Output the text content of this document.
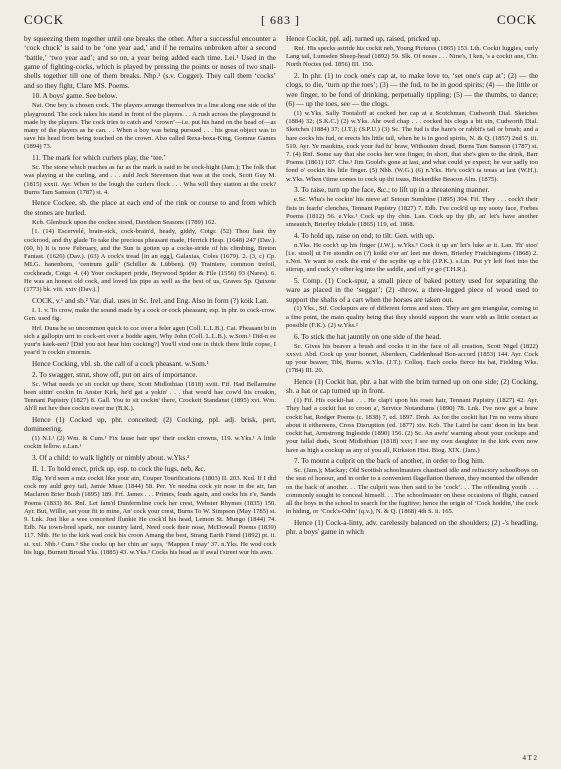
COCK	[ 683 ]	COCK

by squeezing them together until one breaks the other. After a successful encounter a ‘cock chuck’ is said to be ‘one year aad,’ and if he remains unbroken after a second ‘battle,’ ‘two year aad’; and so on, a year being added each time. Lei.¹ Used in the game of fighting-cocks, which is played by pressing the points or noses of two snail-shells together till one of them breaks. Nhp.¹ (s.v. Cogger). They call them ‘cocks’ and so they fight, Clare MS. Poems.

10. A boys' game. See below.

Nai. One boy is chosen cock. The players arrange themselves in a line along one side of the playground. The cock takes his stand in front of the players. . . A rush across the playground is made by the players. The cock tries to catch and ‘crown’—i.e. put his hand on the head of—as many of the players as he can. . . When a boy was being pursued . . . his great object was to save his head from being touched on the crown. Also called Rexa-boxa-King, Gomme Games (1894) 73.

11. The mark for which curlers play, the ‘tee.’

Sc. The stone which reaches as far as the mark is said to be cock-hight (Jam.); The folk that was playing at the curling, and . . . auld Jock Stevenson that was at the cock, Scott Guy M. (1815) xxxii. Ayr. When to the lough the curlers flock . . . Wha will they station at the cock? Burns Tam Samson (1787) st. 4.

Hence Cockee, sb. the place at each end of the rink or course to and from which the stones are hurled.

Kcb. Glenbuck upon the cockee stood, Davidson Seasons (1789) 162.

[1. (14) Escervelé, brain-sick, cock-brain'd, heady, giddy, Cotgr. (52) Thou hast thy cockrood, and thy glade To take the precious pheasant made, Herrick Hesp. (1648) 247 (Dav.). (60, b) It is now February, and the Sun is gotten up a cocke-stride of his climbing, Breton Fantast. (1626) (Dav.). (63) A cock's tread [in an egg], Galaxias, Coles (1679). 2. (3, c) Cp. MLG. hanenbom, ‘centrum galli’ (Schiller & Lübben). (9) Trainiere, common trefoil, cockheads, Cotgr. 4. (4) Your cockapert pride, Heywood Spider & File (1556) 93 (Nares). 6. He was an honest old cock, and loved his pipe as well as the best of us, Graves Sp. Quixote (1773) bk. viii. xxiv (Dav.).]

COCK, v.¹ and sb.² Var. dial. uses in Sc. Irel. and Eng. Also in form (?) koik Lan.

I. 1. v. To crow, make the sound made by a cock or cock pheasant; esp. in phr. to cock-crow. Gen. used fig.

Hrf. Duna be so uncommon quick to coc over a feler agen (Coll. L.L.B.). Cai. Pheasant bi in sich a gallopin urrt to cock-ert over a bodde agen, Why John (Coll. L.L.B.). w.Som.¹ Did-n ee yuur'n kaek-een? [Did you not hear him cocking?] You'll vind one in thick there little copse, I year'd 'n cockin s'mornin.

Hence Cocking, vbl. sb. the call of a cock pheasant. w.Som.¹

2. To swagger, strut, show off, put on airs of importance.

Sc. What needs ye sit cockit up there, Scott Midlothian (1818) xviii. Fif. Had Bellarmine been sittin' cockin In Anster Kirk, he'd gat a yokin' . . . that wou'd hae cow'd his croakin, Tennant Papistry (1827) 8. Gall. You to sit cockin' there, Crockett Standanst (1895) xvi. Wm. Ah'll net hev thee cockin ower me (B.K.).

Hence (1) Cocked up, phr. conceited; (2) Cocking, ppl. adj. brisk, pert, domineering.

(1) N.I.¹ (2) Wm. & Cum.¹ Fix fause hair upo' their cockin crowns, 119. w.Yks.¹ A little cockin fellow. e.Lan.¹

3. Of a child: to walk lightly or nimbly about. w.Yks.²

II. 1. To hold erect, prick up, esp. to cock the lugs, neb, &c.

Elg. Ye'd seen a miz cockit like your ain, Couper Tourifications (1803) II. 203. Kcd. If I did cock my auld grey tail, Jamie Muse (1844) 58. Per. Ye needna cock yir nose in the air, Ian Maclaren Brier Bush (1895) 189. Frf. James . . . Primes, loads again, and cocks his e'e, Sands Poems (1833) 86. Rnf. Let fam'd Dunfermline cock her crest, Webster Rhymes (1835) 150. Ayr. But, Willie, set your fit to mine, An' cock your crest, Burns To W. Simpson (May 1785) st. 9. Lnk. Just like a wee conceited flunkie He cock'd his head, Lemon St. Mungo (1844) 74. Edb. Na town-bred spark, nor country laird, Need cock their nose, McDowall Poems (1839) 117. Nhb. He to the kirk wad cock his croon Amang the best, Strang Earth Fiend (1892) pt. ii. st. xxi. Nhb.¹ Cum.³ She cocks up her chin an' says, ‘Mappen I may’ 37. n.Yks. He wod cock his lugs, Burnett Broad Yks. (1885) 43. w.Yks.³ Cocks his head as if awal t'street wur his awn.

Hence Cockit, ppl. adj. turned up, raised, pricked up.

Rnf. His specks astride his cockit neb, Young Pictures (1865) 153. Lth. Cockit luggies, curly Lang tail, Lumsden Sheep-head (1892) 59. Slk. Of noses . . . Nine's, I ken, 's a cockit ane, Chr. North Noctes (ed. 1856) III. 150.

2. In phr. (1) to cock one's cap at, to make love to, ‘set one's cap at’; (2) — the clogs, to die, ‘turn up the toes’; (3) — the fud, to be in good spirits; (4) — the little or wee finger, to be fond of drinking, perpetually tippling; (5) — the thumbs, to dance; (6) — up the toes, see — the clogs.

(1) w.Yks. Sally Tootaloff at cocked her cap at a Scotchman, Cudworth Dial. Sketches (1884) 32; (S.K.C.) (2) w.Yks. Ahr owd chap . . . cocked his clogs a bit sin, Cudworth Dial. Sketches (1884) 37; (J.T.); (S.P.U.) (3) Sc. The fud is the hare's or rabbit's tail or brush; and a hare cocks his fud, or erects his little tail, when he is in good spirits, N. & Q. (1857) 2nd S. iii. 519. Ayr. Ye maukins, cock your fud fu' braw, Withouten dread, Burns Tam Samson (1787) st. 7. (4) Rnf. Some say that she cocks her wee finger, In short, that she's gien to the drink, Barr Poems (1861) 107. Chs.¹ Jim Goold's gone at last, and what could ye expect; he wur sadly too fond o' cockin his litle finger. (5) Nhb. (W.G.) (6) n.Yks. He's cock't ta teeas at last (W.H.). w.Yks. When t'time comes to cock up thi toass, Bickerdike Beacon Alm. (1875).

3. To raise, turn up the face, &c.; to lift up in a threatening manner.

e.Sc. Wha's he cockin' his nieve at! Setoun Sunshine (1895) 304. Fif. They . . . cock't their fists in fearfu' clenches, Tennant Papistry (1827) 7. Edb. I've cock'd up my sooty face, Forbes Poems (1812) 56. e.Yks.¹ Cock up thy chin. Lan. Cock up thy jib, an' let's have another smeautch, Brierley Irkdale (1865) 119, ed. 1868.

4. To hold up, raise on end; to tilt. Gen. with up.

n.Yks. He cock't up his finger (J.W.). w.Yks.³ Cock it up an' let's luke ar it. Lan. Th' stoo' [i.e. stool] ut I're stondin on (?) koikt o'er an' leet me down, Brierley Fratchingtons (1868) 2. s.Not. Ye want to cock the end o' the scythe up a bit (J.P.K.). s.Lin. Put y'r left foot into the stirrup, and cock y'r other leg into the saddle, and off ye go (T.H.R.).

5. Comp. (1) Cock-spur, a small piece of baked pottery used for separating the ware as placed in the ‘seggar’; (2) -throw, a three-legged piece of wood used to support the shafts of a cart when the horses are taken out.

(1) Yks., Stf. Cockspurs are of different forms and sizes. They are gen triangular, coming to a fine point, the main quality being that they should support the ware with as little contact as possible (F.K.). (2) w.Yks.²

6. To stick the hat jauntily on one side of the head.

Sc. Gives his beaver a brush and cocks it in the face of all creation, Scott Nigel (1822) xxxvi. Abd. Cock up your bonnet, Aberdeen, Caddenhead Bon-accord (1853) 144. Ayr. Cock up your beaver, Tibi, Burns. w.Yks. (J.T.). Colloq. Each cocks fierce his hat, Fielding Wks. (1784) III. 20.

Hence (1) Cockit hat, phr. a hat with the brim turned up on one side; (2) Cocking, sb. a hat or cap turned up in front.

(1) Fif. His cockit-hat . . . He clap't upon his roset hair, Tennant Papistry (1827) 42. Ayr. They had a cockit hat to croon a', Service Notandums (1890) 78. Lnk. I've now got a braw cockit hat, Rodger Poems (c. 1838) 7, ed. 1897. Dmb. As for the cockit hat I'm no verra shure about it eithereens, Cross Disruption (ed. 1877) xiv. Kcb. The Laird he cam' doon in his best cockit hat, Armstrong Ingleside (1890) 156. (2) Sc. An awfu' warning about your cockups and your fallal duds, Scott Midlothian (1818) xxv; I see my own daughter in the kirk even now have as high a cockup as any of you all, Kirkston Hist. Biog. XIX. (Jam.)

7. To mount a culprit on the back of another, in order to flog him.

Sc. (Jam.); Mackay; Old Scottish schoolmasters chastised idle and refractory schoolboys on the seat of honour, and in order to a convenient flagellation thereon, they mounted the offender on the back of another. . . The culprit was then said to be ‘cock’. . . The offending youth . . . commonly sought to conceal himself. . . The schoolmaster on these occasions of flight, caused all the boys in the school to search for the fugitive; hence the origin of ‘Cock hoddin,’ the cock in hiding, or ‘Cock's-Odin’ (q.v.), N. & Q. (1868) 4th S. ii. 165.

Hence (1) Cock-a-linty, adv. carelessly balanced on the shoulders; (2) -'s headling, phr. a boys' game in which

4 T 2
